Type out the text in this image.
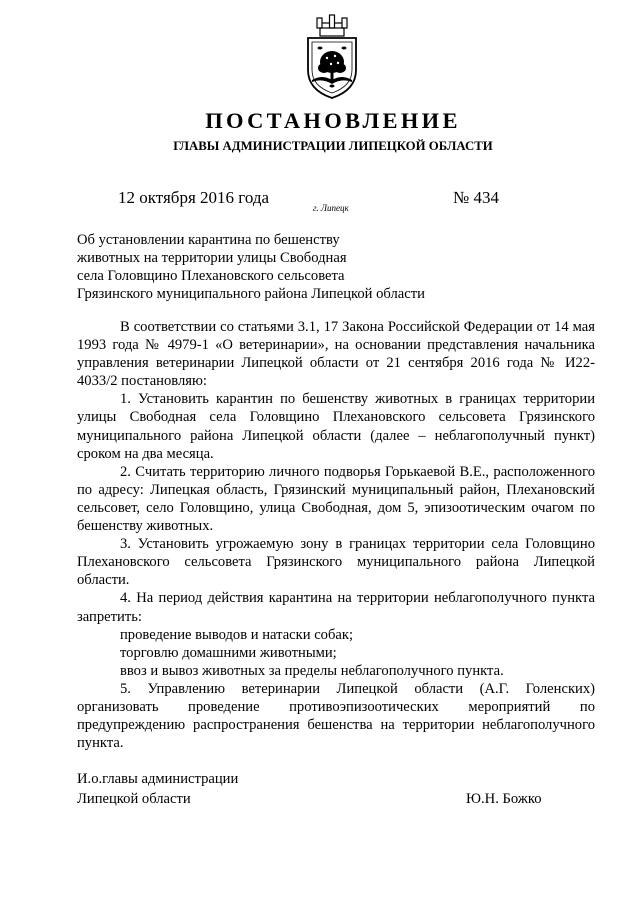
ПОСТАНОВЛЕНИЕ
ГЛАВЫ АДМИНИСТРАЦИИ ЛИПЕЦКОЙ ОБЛАСТИ
12 октября 2016 года
г. Липецк
№ 434
Об установлении карантина по бешенству
животных на территории улицы Свободная
села Головщино Плехановского сельсовета
Грязинского муниципального района Липецкой области

В соответствии со статьями 3.1, 17 Закона Российской Федерации от 14 мая 1993 года № 4979-1 «О ветеринарии», на основании представления начальника управления ветеринарии Липецкой области от 21 сентября 2016 года № И22-4033/2 постановляю:

1. Установить карантин по бешенству животных в границах территории улицы Свободная села Головщино Плехановского сельсовета Грязинского муниципального района Липецкой области (далее – неблагополучный пункт) сроком на два месяца.

2. Считать территорию личного подворья Горькаевой В.Е., расположенного по адресу: Липецкая область, Грязинский муниципальный район, Плехановский сельсовет, село Головщино, улица Свободная, дом 5, эпизоотическим очагом по бешенству животных.

3. Установить угрожаемую зону в границах территории села Головщино Плехановского сельсовета Грязинского муниципального района Липецкой области.

4. На период действия карантина на территории неблагополучного пункта запретить:

проведение выводов и натаски собак;

торговлю домашними животными;

ввоз и вывоз животных за пределы неблагополучного пункта.

5. Управлению ветеринарии Липецкой области (А.Г. Голенских) организовать проведение противоэпизоотических мероприятий по предупреждению распространения бешенства на территории неблагополучного пункта.

И.о.главы администрации
Липецкой области	Ю.Н. Божко
